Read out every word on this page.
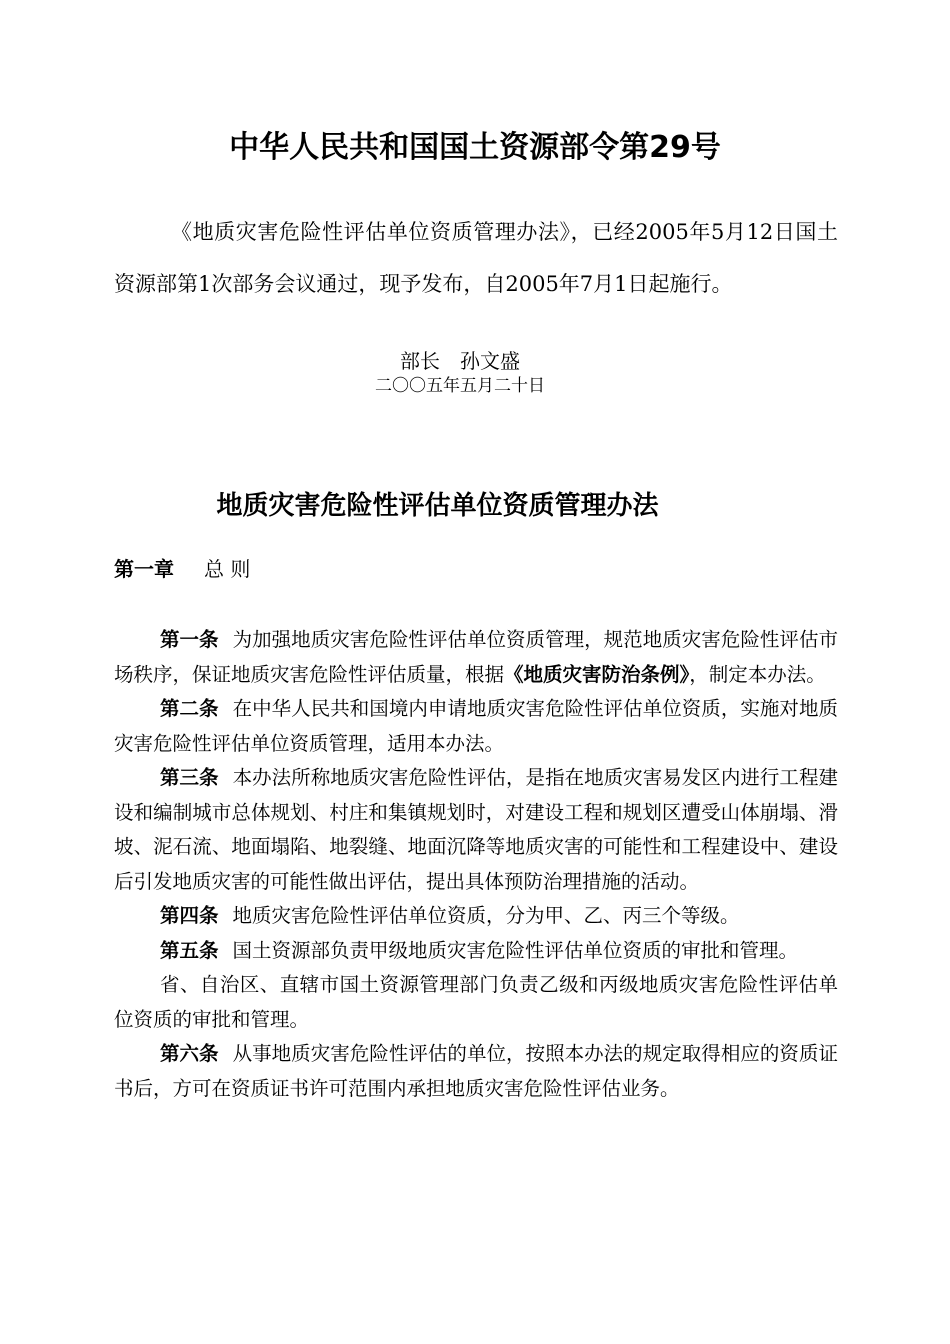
中华人民共和国国土资源部令第29号

《地质灾害危险性评估单位资质管理办法》，已经2005年5月12日国土资源部第1次部务会议通过，现予发布，自2005年7月1日起施行。

部长　孙文盛
二〇〇五年五月二十日
地质灾害危险性评估单位资质管理办法
第一章 总 则

第一条 为加强地质灾害危险性评估单位资质管理，规范地质灾害危险性评估市场秩序，保证地质灾害危险性评估质量，根据《地质灾害防治条例》，制定本办法。

第二条 在中华人民共和国境内申请地质灾害危险性评估单位资质，实施对地质灾害危险性评估单位资质管理，适用本办法。

第三条 本办法所称地质灾害危险性评估，是指在地质灾害易发区内进行工程建设和编制城市总体规划、村庄和集镇规划时，对建设工程和规划区遭受山体崩塌、滑坡、泥石流、地面塌陷、地裂缝、地面沉降等地质灾害的可能性和工程建设中、建设后引发地质灾害的可能性做出评估，提出具体预防治理措施的活动。

第四条 地质灾害危险性评估单位资质，分为甲、乙、丙三个等级。

第五条 国土资源部负责甲级地质灾害危险性评估单位资质的审批和管理。

省、自治区、直辖市国土资源管理部门负责乙级和丙级地质灾害危险性评估单位资质的审批和管理。

第六条 从事地质灾害危险性评估的单位，按照本办法的规定取得相应的资质证书后，方可在资质证书许可范围内承担地质灾害危险性评估业务。
